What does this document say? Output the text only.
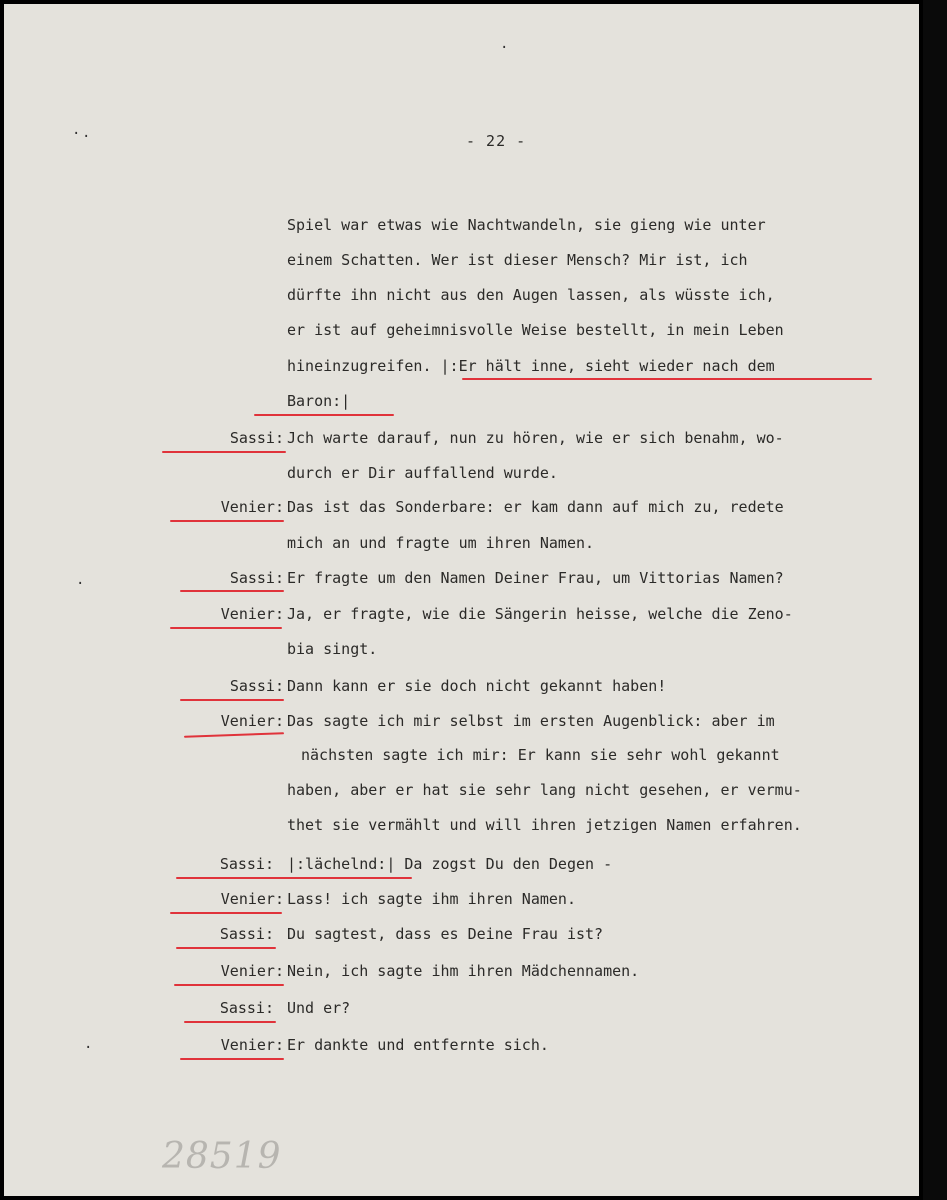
· ·
·
·
·
- 22 -
Spiel war etwas wie Nachtwandeln, sie gieng wie unter
einem Schatten. Wer ist dieser Mensch? Mir ist, ich
dürfte ihn nicht aus den Augen lassen, als wüsste ich,
er ist auf geheimnisvolle Weise bestellt, in mein Leben
hineinzugreifen. |:Er hält inne, sieht wieder nach dem
Baron:|
Jch warte darauf, nun zu hören, wie er sich benahm, wo-
durch er Dir auffallend wurde.
Das ist das Sonderbare: er kam dann auf mich zu, redete
mich an und fragte um ihren Namen.
Er fragte um den Namen Deiner Frau, um Vittorias Namen?
Ja, er fragte, wie die Sängerin heisse, welche die Zeno-
bia singt.
Dann kann er sie doch nicht gekannt haben!
Das sagte ich mir selbst im ersten Augenblick: aber im
nächsten sagte ich mir: Er kann sie sehr wohl gekannt
haben, aber er hat sie sehr lang nicht gesehen, er vermu-
thet sie vermählt und will ihren jetzigen Namen erfahren.
|:lächelnd:| Da zogst Du den Degen -
Lass! ich sagte ihm ihren Namen.
Du sagtest, dass es Deine Frau ist?
Nein, ich sagte ihm ihren Mädchennamen.
Und er?
Er dankte und entfernte sich.
Sassi:
Venier:
Sassi:
Venier:
Sassi:
Venier:
Sassi:
Venier:
Sassi:
Venier:
Sassi:
Venier:
28519
